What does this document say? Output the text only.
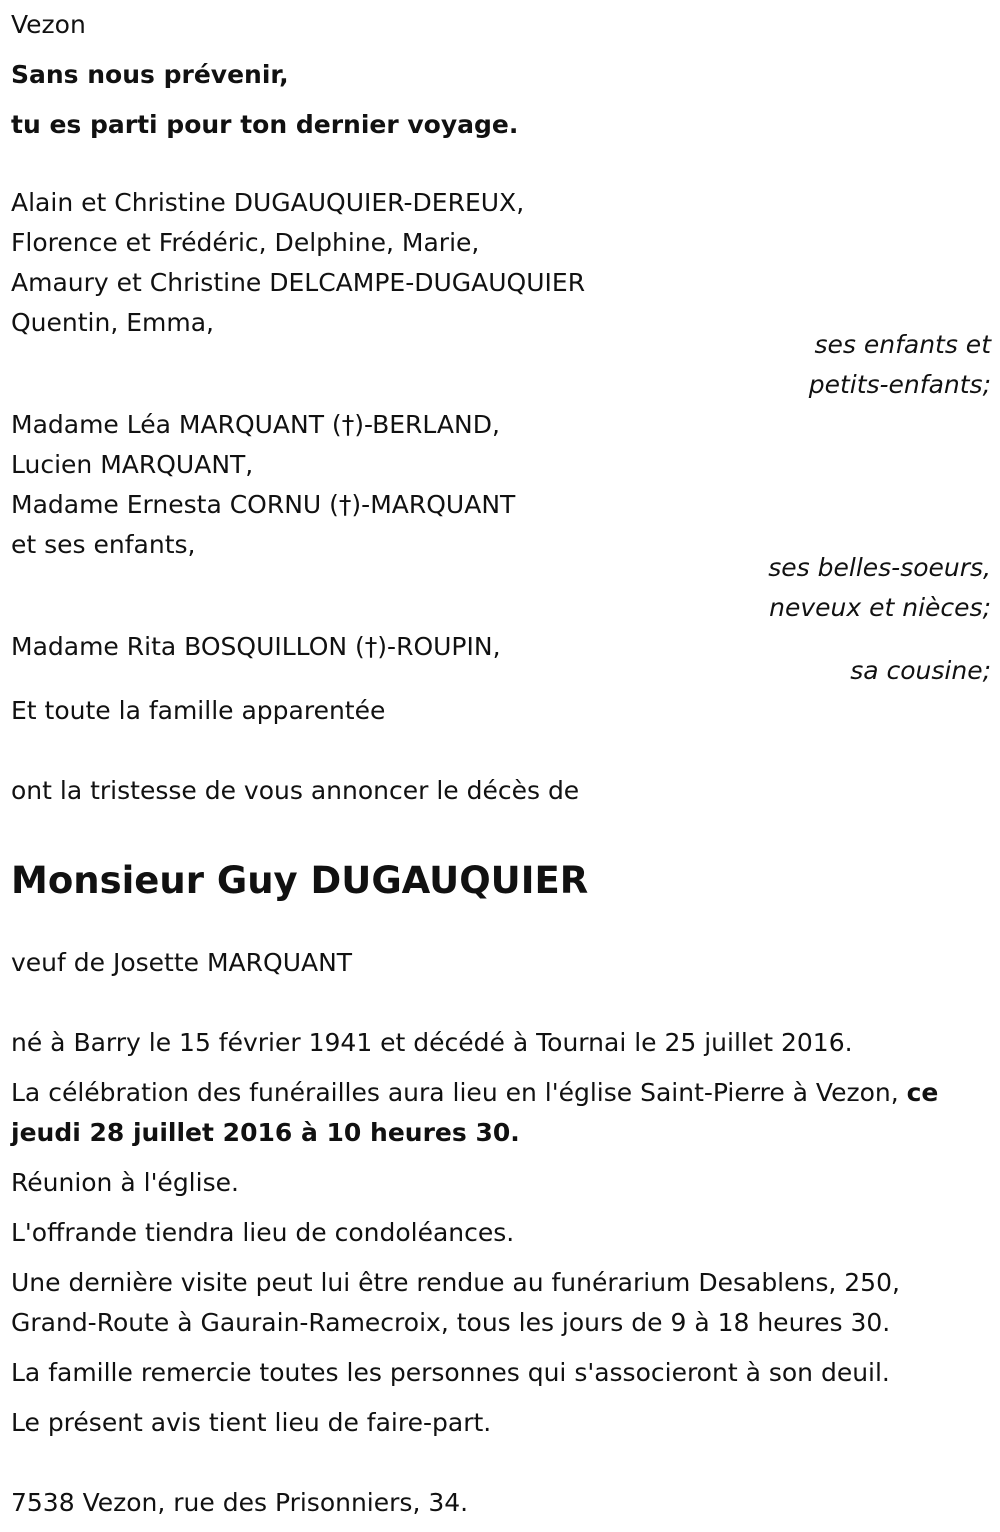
Vezon
Sans nous prévenir,
tu es parti pour ton dernier voyage.
Alain et Christine DUGAUQUIER-DEREUX,
Florence et Frédéric, Delphine, Marie,
Amaury et Christine DELCAMPE-DUGAUQUIER
Quentin, Emma,
ses enfants et
petits-enfants;
Madame Léa MARQUANT (†)-BERLAND,
Lucien MARQUANT,
Madame Ernesta CORNU (†)-MARQUANT
et ses enfants,
ses belles-soeurs,
neveux et nièces;
Madame Rita BOSQUILLON (†)-ROUPIN,
sa cousine;
Et toute la famille apparentée
ont la tristesse de vous annoncer le décès de
Monsieur Guy DUGAUQUIER
veuf de Josette MARQUANT
né à Barry le 15 février 1941 et décédé à Tournai le 25 juillet 2016.
La célébration des funérailles aura lieu en l'église Saint-Pierre à Vezon, ce jeudi 28 juillet 2016 à 10 heures 30.
Réunion à l'église.
L'offrande tiendra lieu de condoléances.
Une dernière visite peut lui être rendue au funérarium Desablens, 250,
Grand-Route à Gaurain-Ramecroix, tous les jours de 9 à 18 heures 30.
La famille remercie toutes les personnes qui s'associeront à son deuil.
Le présent avis tient lieu de faire-part.
7538 Vezon, rue des Prisonniers, 34.
